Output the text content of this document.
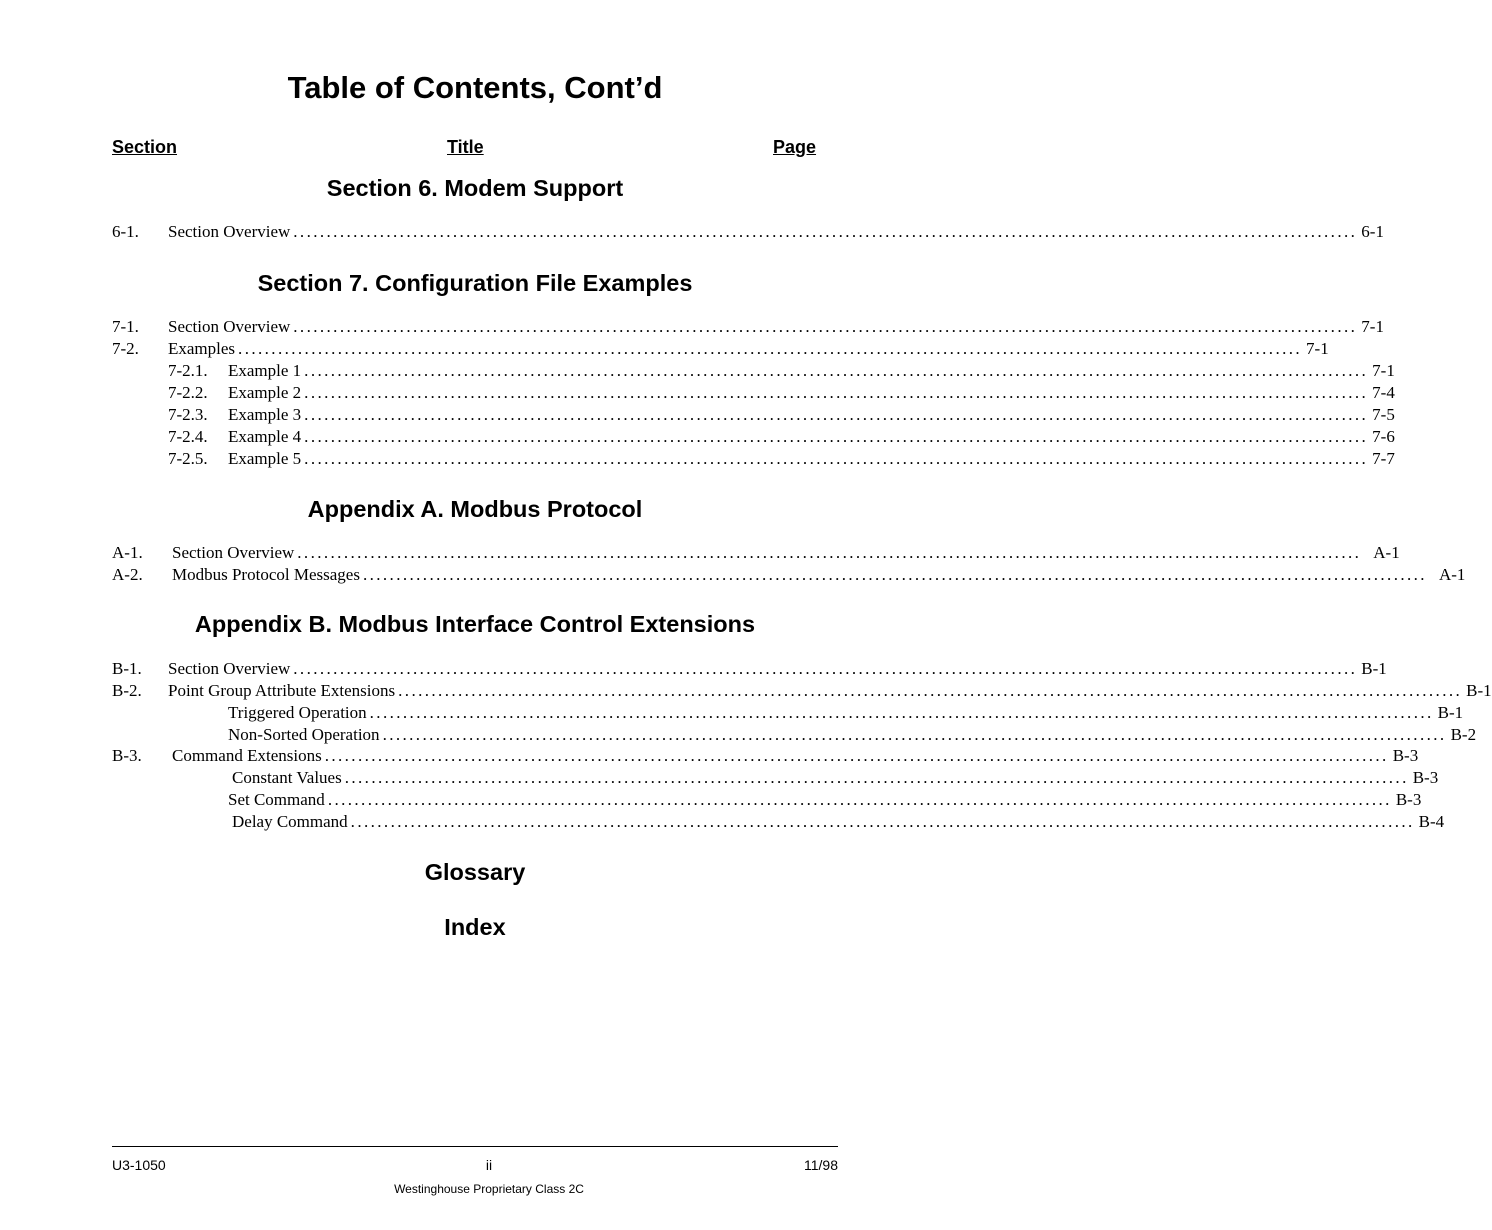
Table of Contents, Cont’d
Section	Title	Page
Section 6. Modem Support
6-1. Section Overview ................................................................................................................................................................ 6-1
Section 7. Configuration File Examples
7-1. Section Overview ................................................................................................................................................................ 7-1
7-2. Examples ................................................................................................................................................................ 7-1
7-2.1. Example 1 ................................................................................................................................................................ 7-1
7-2.2. Example 2 ................................................................................................................................................................ 7-4
7-2.3. Example 3 ................................................................................................................................................................ 7-5
7-2.4. Example 4 ................................................................................................................................................................ 7-6
7-2.5. Example 5 ................................................................................................................................................................ 7-7
Appendix A. Modbus Protocol
A-1. Section Overview ................................................................................................................................................................ A-1
A-2. Modbus Protocol Messages ................................................................................................................................................................ A-1
Appendix B. Modbus Interface Control Extensions
B-1. Section Overview ................................................................................................................................................................ B-1
B-2. Point Group Attribute Extensions ................................................................................................................................................................ B-1
Triggered Operation ................................................................................................................................................................ B-1
Non-Sorted Operation ................................................................................................................................................................ B-2
B-3. Command Extensions ................................................................................................................................................................ B-3
Constant Values ................................................................................................................................................................ B-3
Set Command ................................................................................................................................................................ B-3
Delay Command ................................................................................................................................................................ B-4
Glossary
Index
U3-1050	ii	11/98
Westinghouse Proprietary Class 2C
